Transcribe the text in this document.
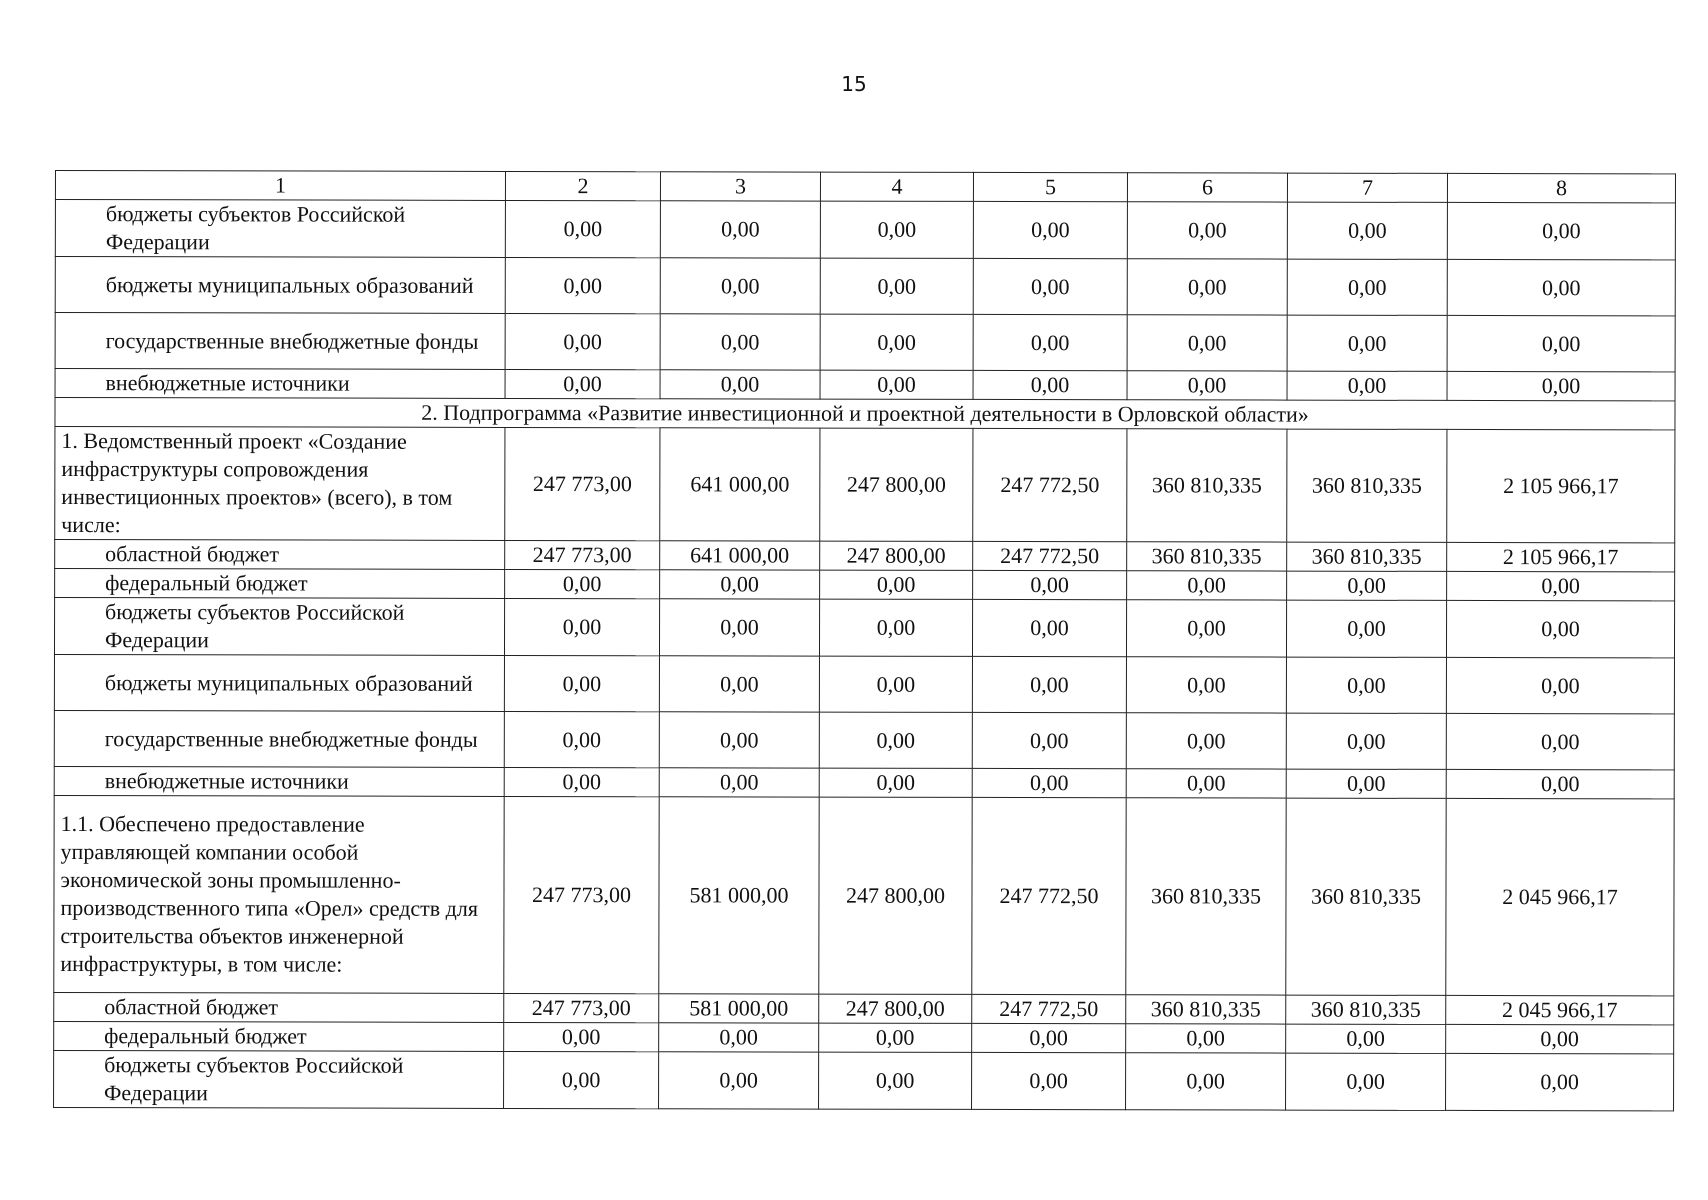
15
1	2	3	4	5	6	7	8
бюджеты субъектов Российской Федерации	0,00	0,00	0,00	0,00	0,00	0,00	0,00
бюджеты муниципальных образований	0,00	0,00	0,00	0,00	0,00	0,00	0,00
государственные внебюджетные фонды	0,00	0,00	0,00	0,00	0,00	0,00	0,00
внебюджетные источники	0,00	0,00	0,00	0,00	0,00	0,00	0,00
2. Подпрограмма «Развитие инвестиционной и проектной деятельности в Орловской области»							
1. Ведомственный проект «Создание инфраструктуры сопровождения инвестиционных проектов» (всего), в том числе:	247 773,00	641 000,00	247 800,00	247 772,50	360 810,335	360 810,335	2 105 966,17
областной бюджет	247 773,00	641 000,00	247 800,00	247 772,50	360 810,335	360 810,335	2 105 966,17
федеральный бюджет	0,00	0,00	0,00	0,00	0,00	0,00	0,00
бюджеты субъектов Российской Федерации	0,00	0,00	0,00	0,00	0,00	0,00	0,00
бюджеты муниципальных образований	0,00	0,00	0,00	0,00	0,00	0,00	0,00
государственные внебюджетные фонды	0,00	0,00	0,00	0,00	0,00	0,00	0,00
внебюджетные источники	0,00	0,00	0,00	0,00	0,00	0,00	0,00
1.1. Обеспечено предоставление управляющей компании особой экономической зоны промышленно-производственного типа «Орел» средств для строительства объектов инженерной инфраструктуры, в том числе:	247 773,00	581 000,00	247 800,00	247 772,50	360 810,335	360 810,335	2 045 966,17
областной бюджет	247 773,00	581 000,00	247 800,00	247 772,50	360 810,335	360 810,335	2 045 966,17
федеральный бюджет	0,00	0,00	0,00	0,00	0,00	0,00	0,00
бюджеты субъектов Российской Федерации	0,00	0,00	0,00	0,00	0,00	0,00	0,00
